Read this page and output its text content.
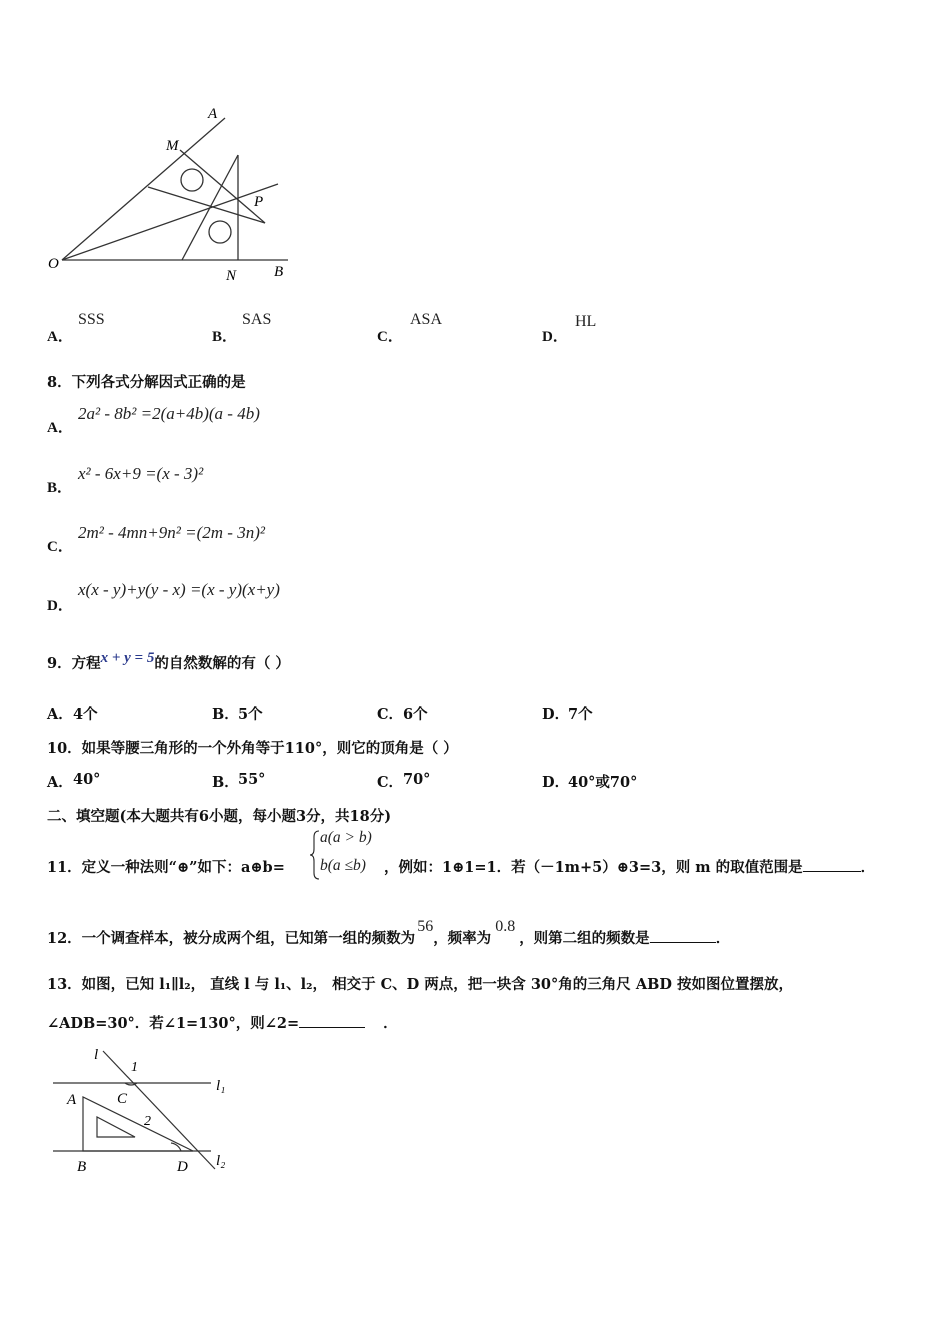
A
M
P
O
N	B
A．
SSS
B．
SAS
C．
ASA
D．
HL
8．下列各式分解因式正确的是
A．
2a² - 8b² =2(a+4b)(a - 4b)
B．
x² - 6x+9 =(x - 3)²
C．
2m² - 4mn+9n² =(2m - 3n)²
D．
x(x - y)+y(y - x) =(x - y)(x+y)
9．方程x + y = 5的自然数解的有（ ）
A． 4个	B． 5个	C． 6个	D．
7个
10．如果等腰三角形的一个外角等于110°，则它的顶角是（ ）
A． 40°	B． 55°	C． 70°	D．
40°或70°
二、填空题(本大题共有6小题，每小题3分，共18分)
11．定义一种法则“⊕”如下：a⊕b=
a(a > b)
b(a ≤b) ，例如：1⊕1=1．若（－1m+5）⊕3=3，则 m 的取值范围是	．
12．一个调查样本，被分成两个组，已知第一组的频数为56，频率为0.8，则第二组的频数是	．
13．如图，已知 l₁∥l₂， 直线 l 与 l₁、l₂， 相交于 C、D 两点，把一块含 30°角的三角尺 ABD 按如图位置摆放，
∠ADB=30°．若∠1=130°，则∠2=	．
l
1
l₁
A	C
2
B	D l₂
